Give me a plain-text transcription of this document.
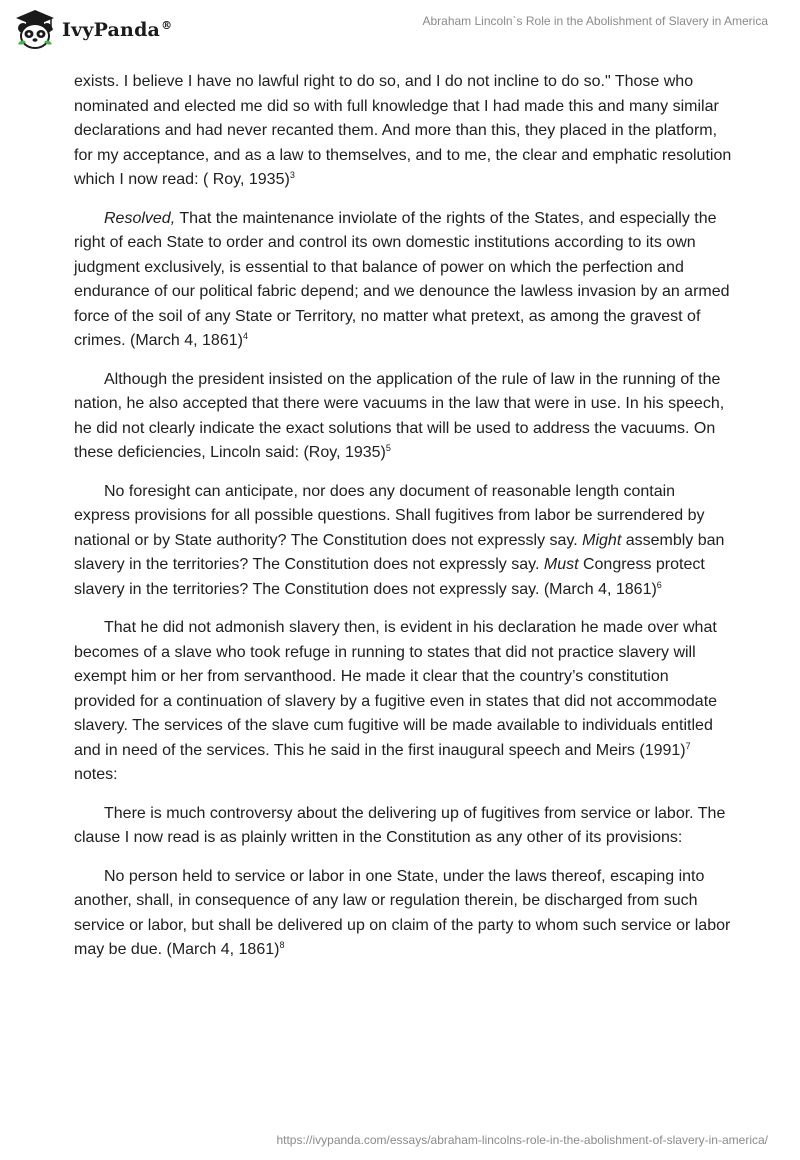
IvyPanda®	Abraham Lincoln`s Role in the Abolishment of Slavery in America

exists. I believe I have no lawful right to do so, and I do not incline to do so." Those who nominated and elected me did so with full knowledge that I had made this and many similar declarations and had never recanted them. And more than this, they placed in the platform, for my acceptance, and as a law to themselves, and to me, the clear and emphatic resolution which I now read: ( Roy, 1935)$^3$

Resolved, That the maintenance inviolate of the rights of the States, and especially the right of each State to order and control its own domestic institutions according to its own judgment exclusively, is essential to that balance of power on which the perfection and endurance of our political fabric depend; and we denounce the lawless invasion by an armed force of the soil of any State or Territory, no matter what pretext, as among the gravest of crimes. (March 4, 1861)$^4$

Although the president insisted on the application of the rule of law in the running of the nation, he also accepted that there were vacuums in the law that were in use. In his speech, he did not clearly indicate the exact solutions that will be used to address the vacuums. On these deficiencies, Lincoln said: (Roy, 1935)$^5$

No foresight can anticipate, nor does any document of reasonable length contain express provisions for all possible questions. Shall fugitives from labor be surrendered by national or by State authority? The Constitution does not expressly say. Might assembly ban slavery in the territories? The Constitution does not expressly say. Must Congress protect slavery in the territories? The Constitution does not expressly say. (March 4, 1861)$^6$

That he did not admonish slavery then, is evident in his declaration he made over what becomes of a slave who took refuge in running to states that did not practice slavery will exempt him or her from servanthood. He made it clear that the country’s constitution provided for a continuation of slavery by a fugitive even in states that did not accommodate slavery. The services of the slave cum fugitive will be made available to individuals entitled and in need of the services. This he said in the first inaugural speech and Meirs $(1991)^7$ notes:

There is much controversy about the delivering up of fugitives from service or labor. The clause I now read is as plainly written in the Constitution as any other of its provisions:

No person held to service or labor in one State, under the laws thereof, escaping into another, shall, in consequence of any law or regulation therein, be discharged from such service or labor, but shall be delivered up on claim of the party to whom such service or labor may be due. (March 4, 1861)$^8$

https://ivypanda.com/essays/abraham-lincolns-role-in-the-abolishment-of-slavery-in-america/
